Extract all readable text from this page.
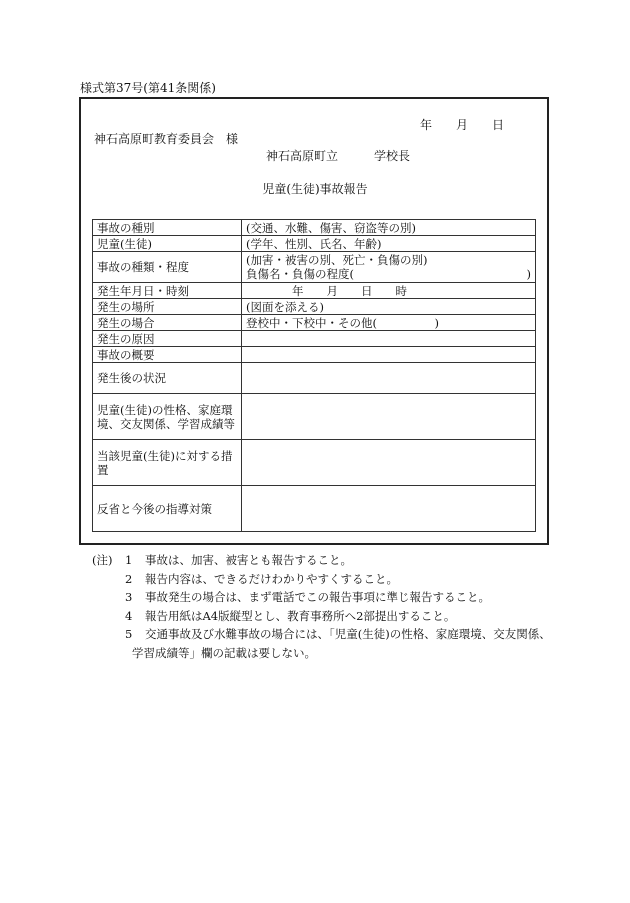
様式第37号(第41条関係)
年　　月　　日
神石高原町教育委員会　様
神石高原町立　　　学校長
児童(生徒)事故報告
事故の種別	(交通、水難、傷害、窃盗等の別)
児童(生徒)	(学年、性別、氏名、年齢)
事故の種類・程度	(加害・被害の別、死亡・負傷の別)
負傷名・負傷の程度(　　　　　　　　　　　　　　　)
発生年月日・時刻	　　　　年　　月　　日　　時
発生の場所	(図面を添える)
発生の場合	登校中・下校中・その他(　　　　　)
発生の原因	
事故の概要	
発生後の状況	
児童(生徒)の性格、家庭環境、交友関係、学習成績等	
当該児童(生徒)に対する措置	
反省と今後の指導対策	
(注)	1	事故は、加害、被害とも報告すること。
2	報告内容は、できるだけわかりやすくすること。
3	事故発生の場合は、まず電話でこの報告事項に準じ報告すること。
4	報告用紙はA4版縦型とし、教育事務所へ2部提出すること。
5	交通事故及び水難事故の場合には、「児童(生徒)の性格、家庭環境、交友関係、
学習成績等」欄の記載は要しない。
